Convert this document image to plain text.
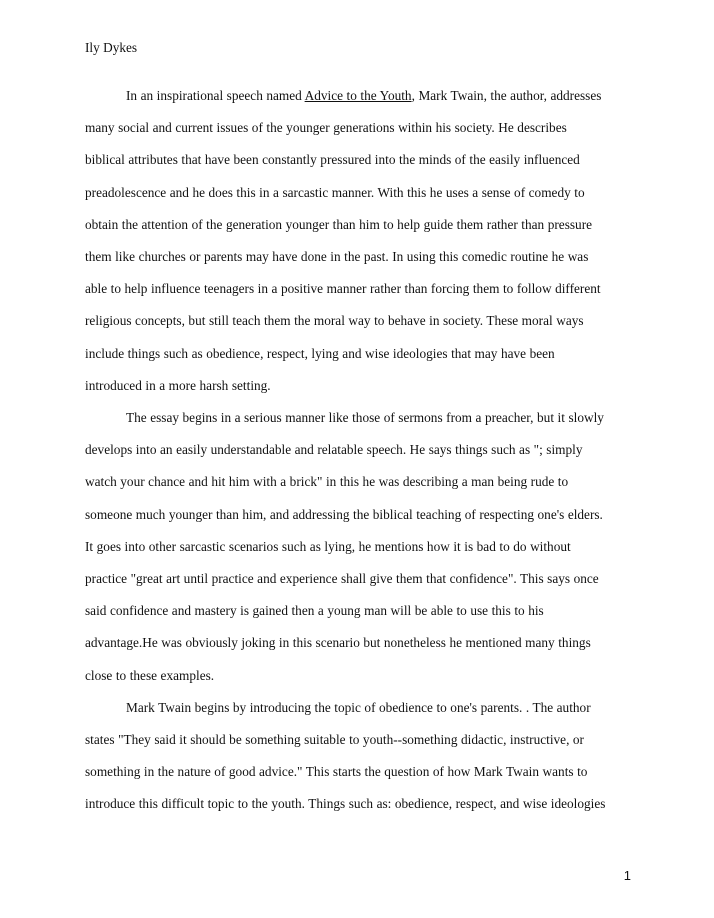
Ily Dykes

In an inspirational speech named Advice to the Youth, Mark Twain, the author, addresses
many social and current issues of the younger generations within his society. He describes
biblical attributes that have been constantly pressured into the minds of the easily influenced
preadolescence and he does this in a sarcastic manner. With this he uses a sense of comedy to
obtain the attention of the generation younger than him to help guide them rather than pressure
them like churches or parents may have done in the past. In using this comedic routine he was
able to help influence teenagers in a positive manner rather than forcing them to follow different
religious concepts, but still teach them the moral way to behave in society. These moral ways
include things such as obedience, respect, lying and wise ideologies that may have been
introduced in a more harsh setting.

The essay begins in a serious manner like those of sermons from a preacher, but it slowly
develops into an easily understandable and relatable speech. He says things such as "; simply
watch your chance and hit him with a brick" in this he was describing a man being rude to
someone much younger than him, and addressing the biblical teaching of respecting one's elders.
It goes into other sarcastic scenarios such as lying, he mentions how it is bad to do without
practice "great art until practice and experience shall give them that confidence". This says once
said confidence and mastery is gained then a young man will be able to use this to his
advantage.He was obviously joking in this scenario but nonetheless he mentioned many things
close to these examples.

Mark Twain begins by introducing the topic of obedience to one's parents. . The author
states "They said it should be something suitable to youth--something didactic, instructive, or
something in the nature of good advice." This starts the question of how Mark Twain wants to
introduce this difficult topic to the youth. Things such as: obedience, respect, and wise ideologies

1
